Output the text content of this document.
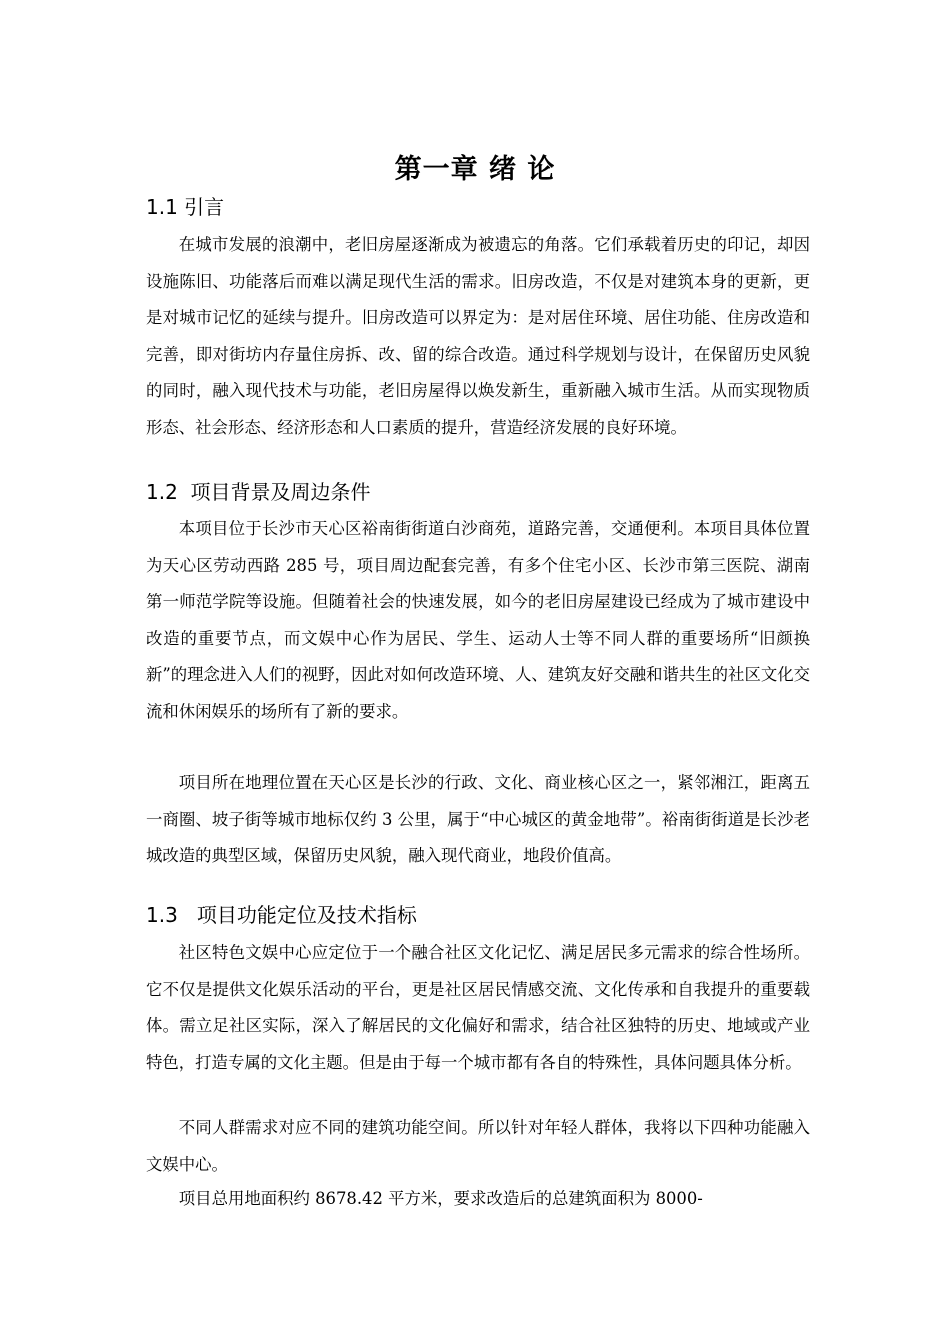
第一章 绪 论
1.1 引言

在城市发展的浪潮中，老旧房屋逐渐成为被遗忘的角落。它们承载着历史的印记，却因设施陈旧、功能落后而难以满足现代生活的需求。旧房改造，不仅是对建筑本身的更新，更是对城市记忆的延续与提升。旧房改造可以界定为：是对居住环境、居住功能、住房改造和完善，即对街坊内存量住房拆、改、留的综合改造。通过科学规划与设计，在保留历史风貌的同时，融入现代技术与功能，老旧房屋得以焕发新生，重新融入城市生活。从而实现物质形态、社会形态、经济形态和人口素质的提升，营造经济发展的良好环境。

1.2  项目背景及周边条件

本项目位于长沙市天心区裕南街街道白沙商苑，道路完善，交通便利。本项目具体位置为天心区劳动西路 285 号，项目周边配套完善，有多个住宅小区、长沙市第三医院、湖南第一师范学院等设施。但随着社会的快速发展，如今的老旧房屋建设已经成为了城市建设中改造的重要节点，而文娱中心作为居民、学生、运动人士等不同人群的重要场所“旧颜换新”的理念进入人们的视野，因此对如何改造环境、人、建筑友好交融和谐共生的社区文化交流和休闲娱乐的场所有了新的要求。

项目所在地理位置在天心区是长沙的行政、文化、商业核心区之一，紧邻湘江，距离五一商圈、坡子街等城市地标仅约 3 公里，属于“中心城区的黄金地带”。裕南街街道是长沙老城改造的典型区域，保留历史风貌，融入现代商业，地段价值高。

1.3   项目功能定位及技术指标

社区特色文娱中心应定位于一个融合社区文化记忆、满足居民多元需求的综合性场所。它不仅是提供文化娱乐活动的平台，更是社区居民情感交流、文化传承和自我提升的重要载体。需立足社区实际，深入了解居民的文化偏好和需求，结合社区独特的历史、地域或产业特色，打造专属的文化主题。但是由于每一个城市都有各自的特殊性，具体问题具体分析。

不同人群需求对应不同的建筑功能空间。所以针对年轻人群体，我将以下四种功能融入文娱中心。

项目总用地面积约 8678.42 平方米，要求改造后的总建筑面积为 8000-
